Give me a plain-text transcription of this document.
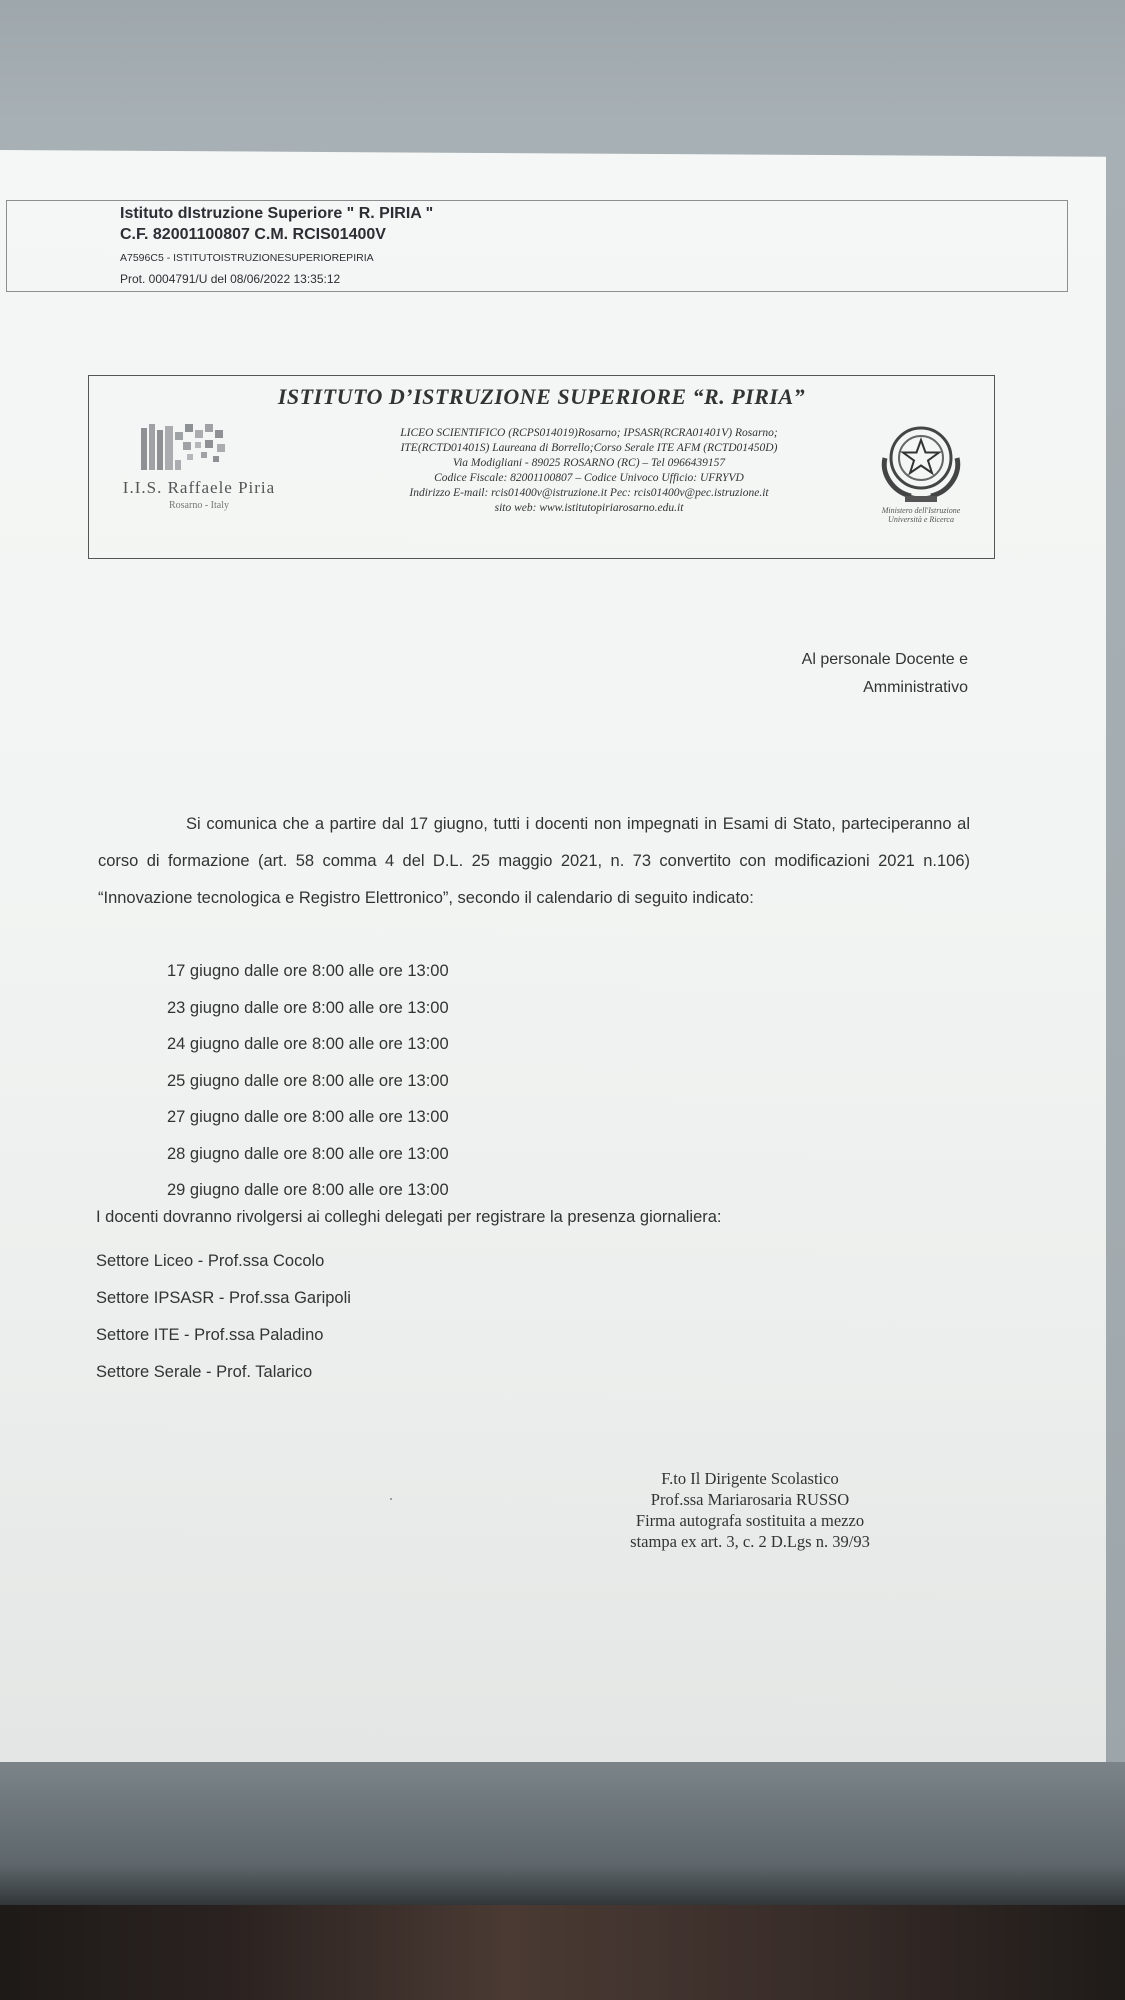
Istituto dIstruzione Superiore " R. PIRIA "
C.F. 82001100807 C.M. RCIS01400V
A7596C5 - ISTITUTOISTRUZIONESUPERIOREPIRIA
Prot. 0004791/U del 08/06/2022 13:35:12
ISTITUTO D’ISTRUZIONE SUPERIORE “R. PIRIA”
I.I.S. Raffaele Piria
Rosarno - Italy
LICEO SCIENTIFICO (RCPS014019)Rosarno; IPSASR(RCRA01401V) Rosarno;
ITE(RCTD01401S) Laureana di Borrello;Corso Serale ITE AFM (RCTD01450D)
Via Modigliani - 89025 ROSARNO (RC) – Tel 0966439157
Codice Fiscale: 82001100807 – Codice Univoco Ufficio: UFRYVD
Indirizzo E-mail: rcis01400v@istruzione.it Pec: rcis01400v@pec.istruzione.it
sito web: www.istitutopiriarosarno.edu.it	Ministero dell'Istruzione
Università e Ricerca
Al personale Docente e
Amministrativo

Si comunica che a partire dal 17 giugno, tutti i docenti non impegnati in Esami di Stato, parteciperanno al corso di formazione (art. 58 comma 4 del D.L. 25 maggio 2021, n. 73 convertito con modificazioni 2021 n.106) “Innovazione tecnologica e Registro Elettronico”, secondo il calendario di seguito indicato:

17 giugno dalle ore 8:00 alle ore 13:00
23 giugno dalle ore 8:00 alle ore 13:00
24 giugno dalle ore 8:00 alle ore 13:00
25 giugno dalle ore 8:00 alle ore 13:00
27 giugno dalle ore 8:00 alle ore 13:00
28 giugno dalle ore 8:00 alle ore 13:00
29 giugno dalle ore 8:00 alle ore 13:00
I docenti dovranno rivolgersi ai colleghi delegati per registrare la presenza giornaliera:
Settore Liceo - Prof.ssa Cocolo
Settore IPSASR - Prof.ssa Garipoli
Settore ITE - Prof.ssa Paladino
Settore Serale - Prof. Talarico
F.to Il Dirigente Scolastico
Prof.ssa Mariarosaria RUSSO
Firma autografa sostituita a mezzo
stampa ex art. 3, c. 2 D.Lgs n. 39/93
